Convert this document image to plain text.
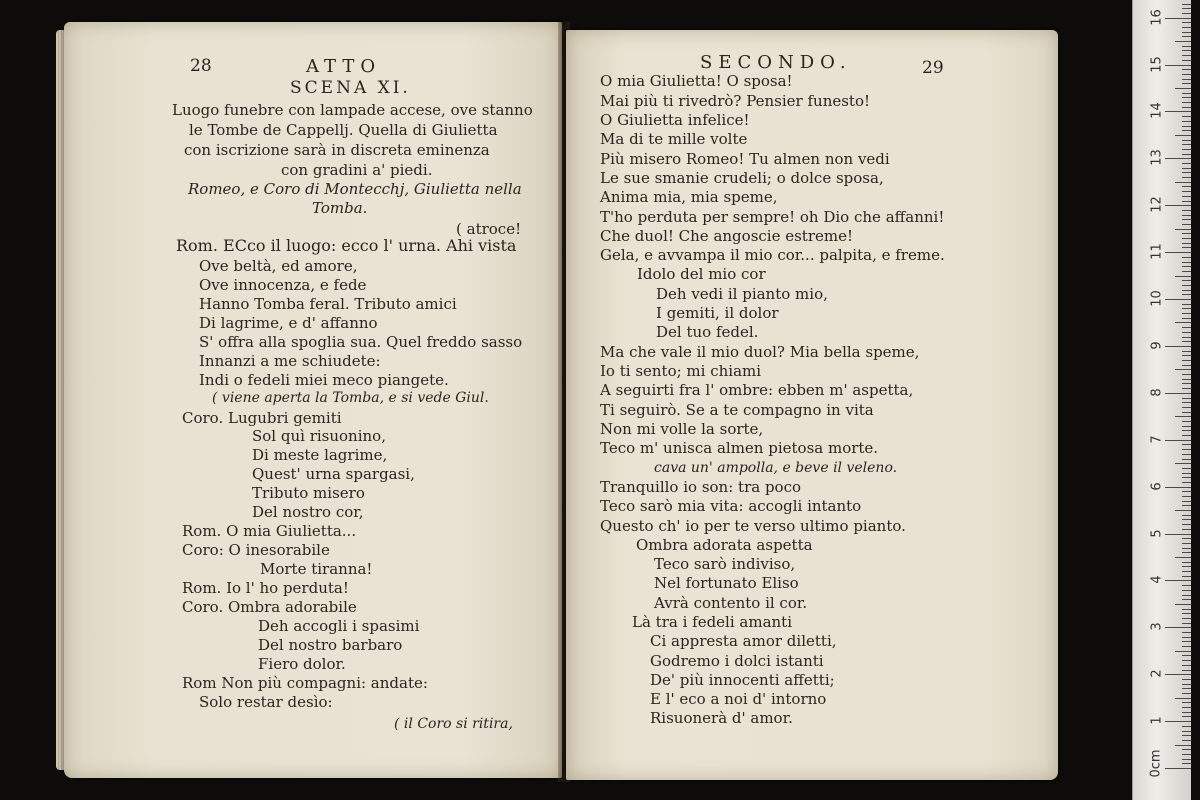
28	ATTO
SCENA XI.
Luogo funebre con lampade accese, ove stanno
le Tombe de Cappellj. Quella di Giulietta
con iscrizione sarà in discreta eminenza
con gradini a' piedi.
Romeo, e Coro di Montecchj, Giulietta nella
Tomba.
( atroce!
Rom. ECco il luogo: ecco l' urna. Ahi vista
Ove beltà, ed amore,
Ove innocenza, e fede
Hanno Tomba feral. Tributo amici
Di lagrime, e d' affanno
S' offra alla spoglia sua. Quel freddo sasso
Innanzi a me schiudete:
Indi o fedeli miei meco piangete.
( viene aperta la Tomba, e si vede Giul.
Coro. Lugubri gemiti
Sol quì risuonino,
Di meste lagrime,
Quest' urna spargasi,
Tributo misero
Del nostro cor,
Rom. O mia Giulietta...
Coro: O inesorabile
Morte tiranna!
Rom. Io l' ho perduta!
Coro. Ombra adorabile
Deh accogli i spasimi
Del nostro barbaro
Fiero dolor.
Rom Non più compagni: andate:
Solo restar desìo:
( il Coro si ritira,
SECONDO.	29
O mia Giulietta! O sposa!
Mai più ti rivedrò? Pensier funesto!
O Giulietta infelice!
Ma di te mille volte
Più misero Romeo! Tu almen non vedi
Le sue smanie crudeli; o dolce sposa,
Anima mia, mia speme,
T'ho perduta per sempre! oh Dio che affanni!
Che duol! Che angoscie estreme!
Gela, e avvampa il mio cor... palpita, e freme.
Idolo del mio cor
Deh vedi il pianto mio,
I gemiti, il dolor
Del tuo fedel.
Ma che vale il mio duol? Mia bella speme,
Io ti sento; mi chiami
A seguirti fra l' ombre: ebben m' aspetta,
Ti seguirò. Se a te compagno in vita
Non mi volle la sorte,
Teco m' unisca almen pietosa morte.
cava un' ampolla, e beve il veleno.
Tranquillo io son: tra poco
Teco sarò mia vita: accogli intanto
Questo ch' io per te verso ultimo pianto.
Ombra adorata aspetta
Teco sarò indiviso,
Nel fortunato Eliso
Avrà contento il cor.
Là tra i fedeli amanti
Ci appresta amor diletti,
Godremo i dolci istanti
De' più innocenti affetti;
E l' eco a noi d' intorno
Risuonerà d' amor.
0cm
1
2
3
4
5
6
7
8
9
10
11
12
13
14
15
16
